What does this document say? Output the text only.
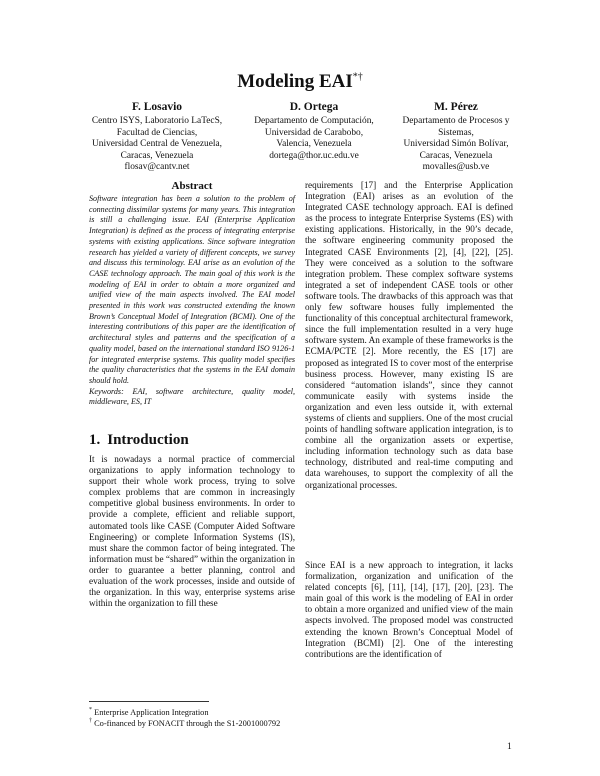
Modeling EAI*†
F. Losavio
Centro ISYS, Laboratorio LaTecS,
Facultad de Ciencias,
Universidad Central de Venezuela,
Caracas, Venezuela
flosav@cantv.net
D. Ortega
Departamento de Computación,
Universidad de Carabobo,
Valencia, Venezuela
dortega@thor.uc.edu.ve
M. Pérez
Departamento de Procesos y
Sistemas,
Universidad Simón Bolívar,
Caracas, Venezuela
movalles@usb.ve
Abstract

Software integration has been a solution to the problem of connecting dissimilar systems for many years. This integration is still a challenging issue. EAI (Enterprise Application Integration) is defined as the process of integrating enterprise systems with existing applications. Since software integration research has yielded a variety of different concepts, we survey and discuss this terminology. EAI arise as an evolution of the CASE technology approach. The main goal of this work is the modeling of EAI in order to obtain a more organized and unified view of the main aspects involved. The EAI model presented in this work was constructed extending the known Brown’s Conceptual Model of Integration (BCMI). One of the interesting contributions of this paper are the identification of architectural styles and patterns and the specification of a quality model, based on the international standard ISO 9126-1 for integrated enterprise systems. This quality model specifies the quality characteristics that the systems in the EAI domain should hold.

Keywords: EAI, software architecture, quality model, middleware, ES, IT

1. Introduction

It is nowadays a normal practice of commercial organizations to apply information technology to support their whole work process, trying to solve complex problems that are common in increasingly competitive global business environments. In order to provide a complete, efficient and reliable support, automated tools like CASE (Computer Aided Software Engineering) or complete Information Systems (IS), must share the common factor of being integrated. The information must be “shared” within the organization in order to guarantee a better planning, control and evaluation of the work processes, inside and outside of the organization. In this way, enterprise systems arise within the organization to fill these

requirements [17] and the Enterprise Application Integration (EAI) arises as an evolution of the Integrated CASE technology approach. EAI is defined as the process to integrate Enterprise Systems (ES) with existing applications. Historically, in the 90’s decade, the software engineering community proposed the Integrated CASE Environments [2], [4], [22], [25]. They were conceived as a solution to the software integration problem. These complex software systems integrated a set of independent CASE tools or other software tools. The drawbacks of this approach was that only few software houses fully implemented the functionality of this conceptual architectural framework, since the full implementation resulted in a very huge software system. An example of these frameworks is the ECMA/PCTE [2]. More recently, the ES [17] are proposed as integrated IS to cover most of the enterprise business process. However, many existing IS are considered “automation islands”, since they cannot communicate easily with systems inside the organization and even less outside it, with external systems of clients and suppliers. One of the most crucial points of handling software application integration, is to combine all the organization assets or expertise, including information technology such as data base technology, distributed and real-time computing and data warehouses, to support the complexity of all the organizational processes.

Since EAI is a new approach to integration, it lacks formalization, organization and unification of the related concepts [6], [11], [14], [17], [20], [23]. The main goal of this work is the modeling of EAI in order to obtain a more organized and unified view of the main aspects involved. The proposed model was constructed extending the known Brown’s Conceptual Model of Integration (BCMI) [2]. One of the interesting contributions are the identification of

* Enterprise Application Integration
† Co-financed by FONACIT through the S1-2001000792
1
